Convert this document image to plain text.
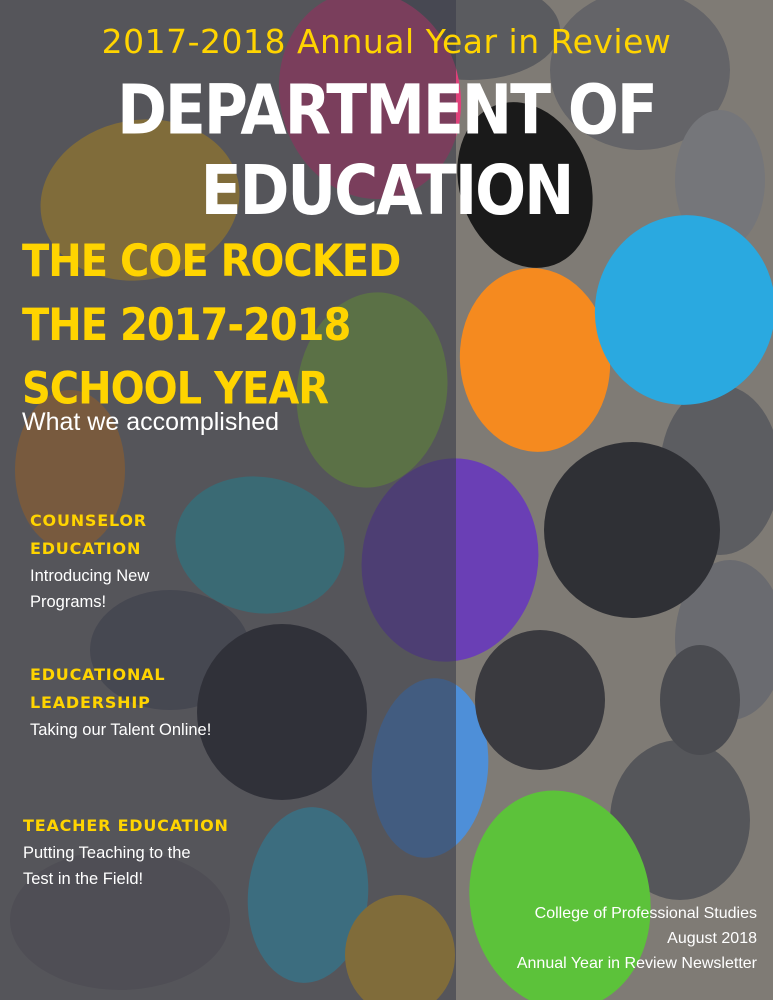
2017-2018 Annual Year in Review
DEPARTMENT OF EDUCATION
THE COE ROCKED
THE 2017-2018
SCHOOL YEAR
What we accomplished
COUNSELOR
EDUCATION
Introducing New
Programs!
EDUCATIONAL
LEADERSHIP
Taking our Talent Online!
TEACHER EDUCATION
Putting Teaching to the
Test in the Field!
College of Professional Studies
August 2018
Annual Year in Review Newsletter
